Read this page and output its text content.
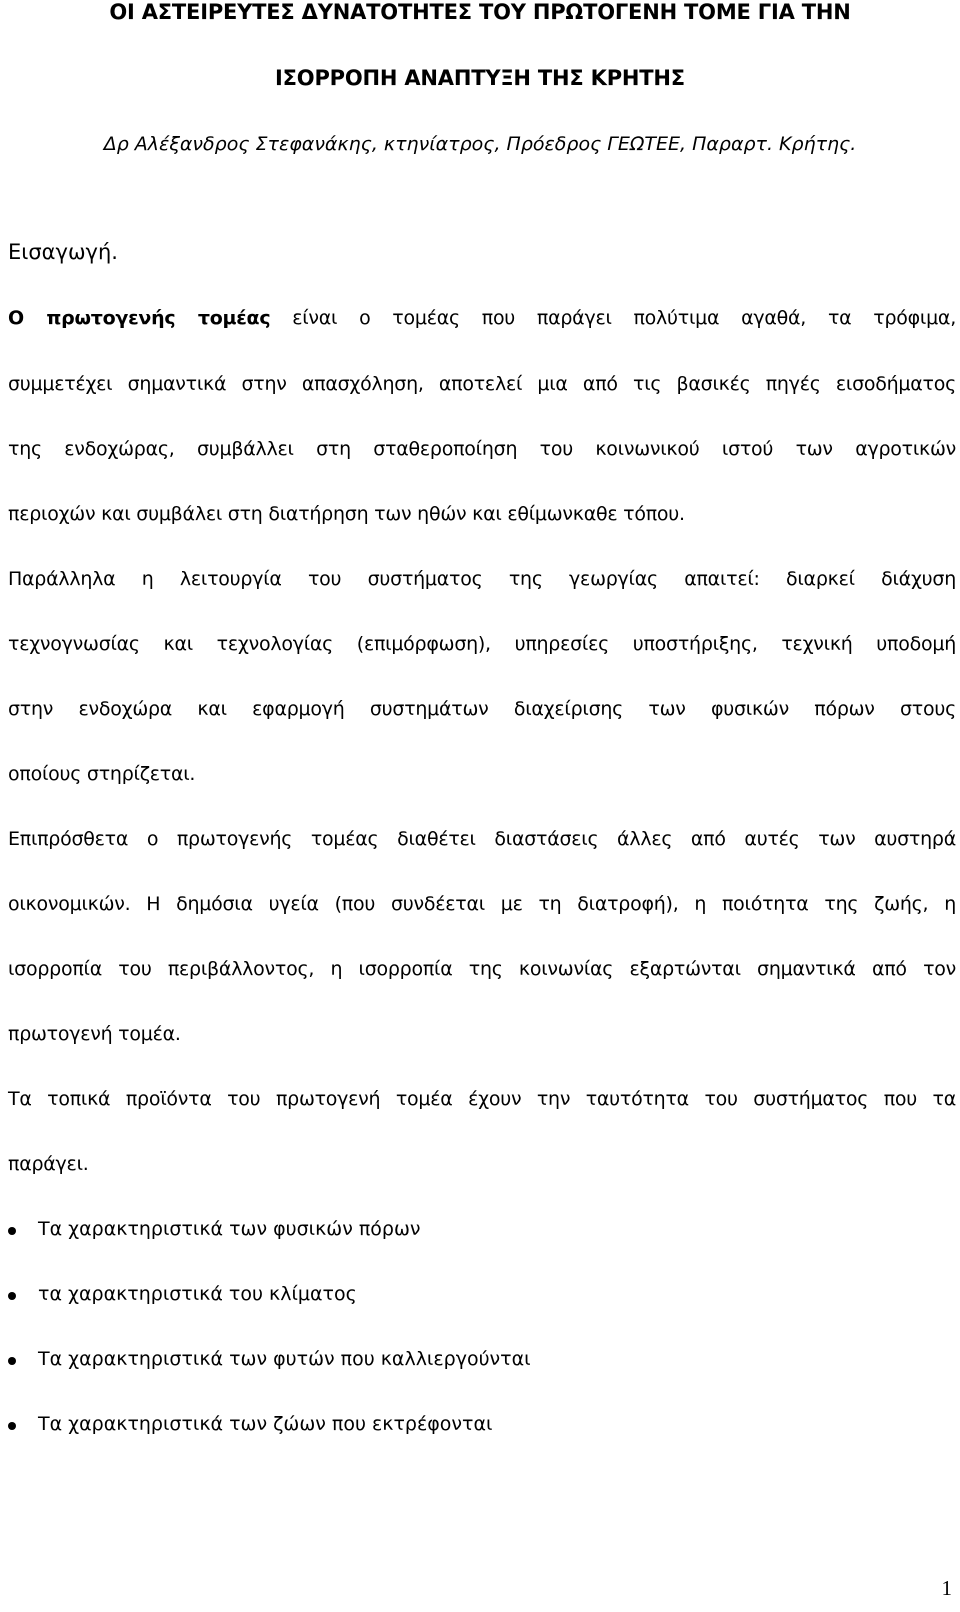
ΟΙ ΑΣΤΕΙΡΕΥΤΕΣ ΔΥΝΑΤΟΤΗΤΕΣ ΤΟΥ ΠΡΩΤΟΓΕΝΗ ΤΟΜΕ ΓΙΑ ΤΗΝ
ΙΣΟΡΡΟΠΗ ΑΝΑΠΤΥΞΗ ΤΗΣ ΚΡΗΤΗΣ
Δρ Αλέξανδρος Στεφανάκης, κτηνίατρος, Πρόεδρος ΓΕΩΤΕΕ, Παραρτ. Κρήτης.
Εισαγωγή.
Ο πρωτογενής τομέας είναι ο τομέας που παράγει πολύτιμα αγαθά, τα τρόφιμα,
συμμετέχει σημαντικά στην απασχόληση, αποτελεί μια από τις βασικές πηγές εισοδήματος
της ενδοχώρας, συμβάλλει στη σταθεροποίηση του κοινωνικού ιστού των αγροτικών
περιοχών και συμβάλει στη διατήρηση των ηθών και εθίμωνκαθε τόπου.
Παράλληλα η λειτουργία του συστήματος της γεωργίας απαιτεί: διαρκεί διάχυση
τεχνογνωσίας και τεχνολογίας (επιμόρφωση), υπηρεσίες υποστήριξης, τεχνική υποδομή
στην ενδοχώρα και εφαρμογή συστημάτων διαχείρισης των φυσικών πόρων στους
οποίους στηρίζεται.
Επιπρόσθετα ο πρωτογενής τομέας διαθέτει διαστάσεις άλλες από αυτές των αυστηρά
οικονομικών. Η δημόσια υγεία (που συνδέεται με τη διατροφή), η ποιότητα της ζωής, η
ισορροπία του περιβάλλοντος, η ισορροπία της κοινωνίας εξαρτώνται σημαντικά από τον
πρωτογενή τομέα.
Τα τοπικά προϊόντα του πρωτογενή τομέα έχουν την ταυτότητα του συστήματος που τα
παράγει.
Τα χαρακτηριστικά των φυσικών πόρων
τα χαρακτηριστικά του κλίματος
Τα χαρακτηριστικά των φυτών που καλλιεργούνται
Τα χαρακτηριστικά των ζώων που εκτρέφονται
1
